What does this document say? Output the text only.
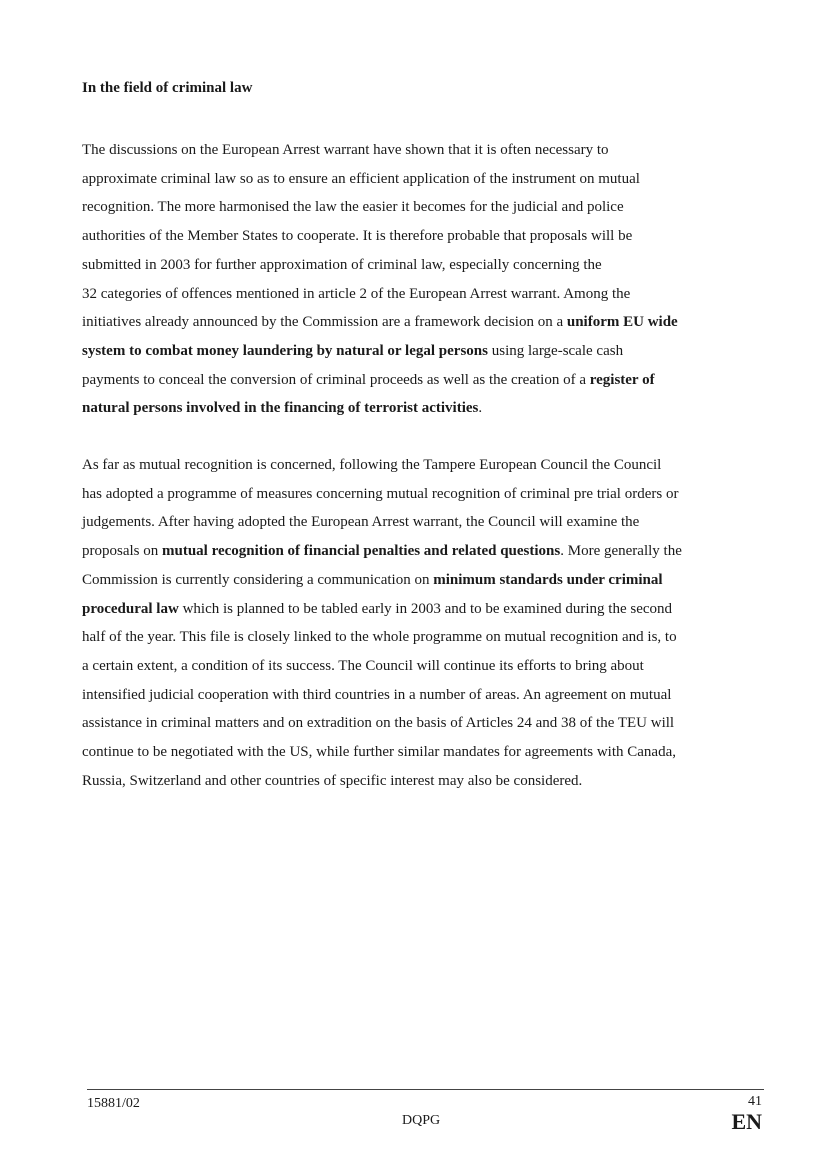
In the field of criminal law

The discussions on the European Arrest warrant have shown that it is often necessary to
approximate criminal law so as to ensure an efficient application of the instrument on mutual
recognition. The more harmonised the law the easier it becomes for the judicial and police
authorities of the Member States to cooperate. It is therefore probable that proposals will be
submitted in 2003 for further approximation of criminal law, especially concerning the
32 categories of offences mentioned in article 2 of the European Arrest warrant. Among the
initiatives already announced by the Commission are a framework decision on a uniform EU wide
system to combat money laundering by natural or legal persons using large-scale cash
payments to conceal the conversion of criminal proceeds as well as the creation of a register of
natural persons involved in the financing of terrorist activities.

As far as mutual recognition is concerned, following the Tampere European Council the Council
has adopted a programme of measures concerning mutual recognition of criminal pre trial orders or
judgements. After having adopted the European Arrest warrant, the Council will examine the
proposals on mutual recognition of financial penalties and related questions. More generally the
Commission is currently considering a communication on minimum standards under criminal
procedural law which is planned to be tabled early in 2003 and to be examined during the second
half of the year. This file is closely linked to the whole programme on mutual recognition and is, to
a certain extent, a condition of its success. The Council will continue its efforts to bring about
intensified judicial cooperation with third countries in a number of areas. An agreement on mutual
assistance in criminal matters and on extradition on the basis of Articles 24 and 38 of the TEU will
continue to be negotiated with the US, while further similar mandates for agreements with Canada,
Russia, Switzerland and other countries of specific interest may also be considered.

15881/02
DQPG
41
EN
